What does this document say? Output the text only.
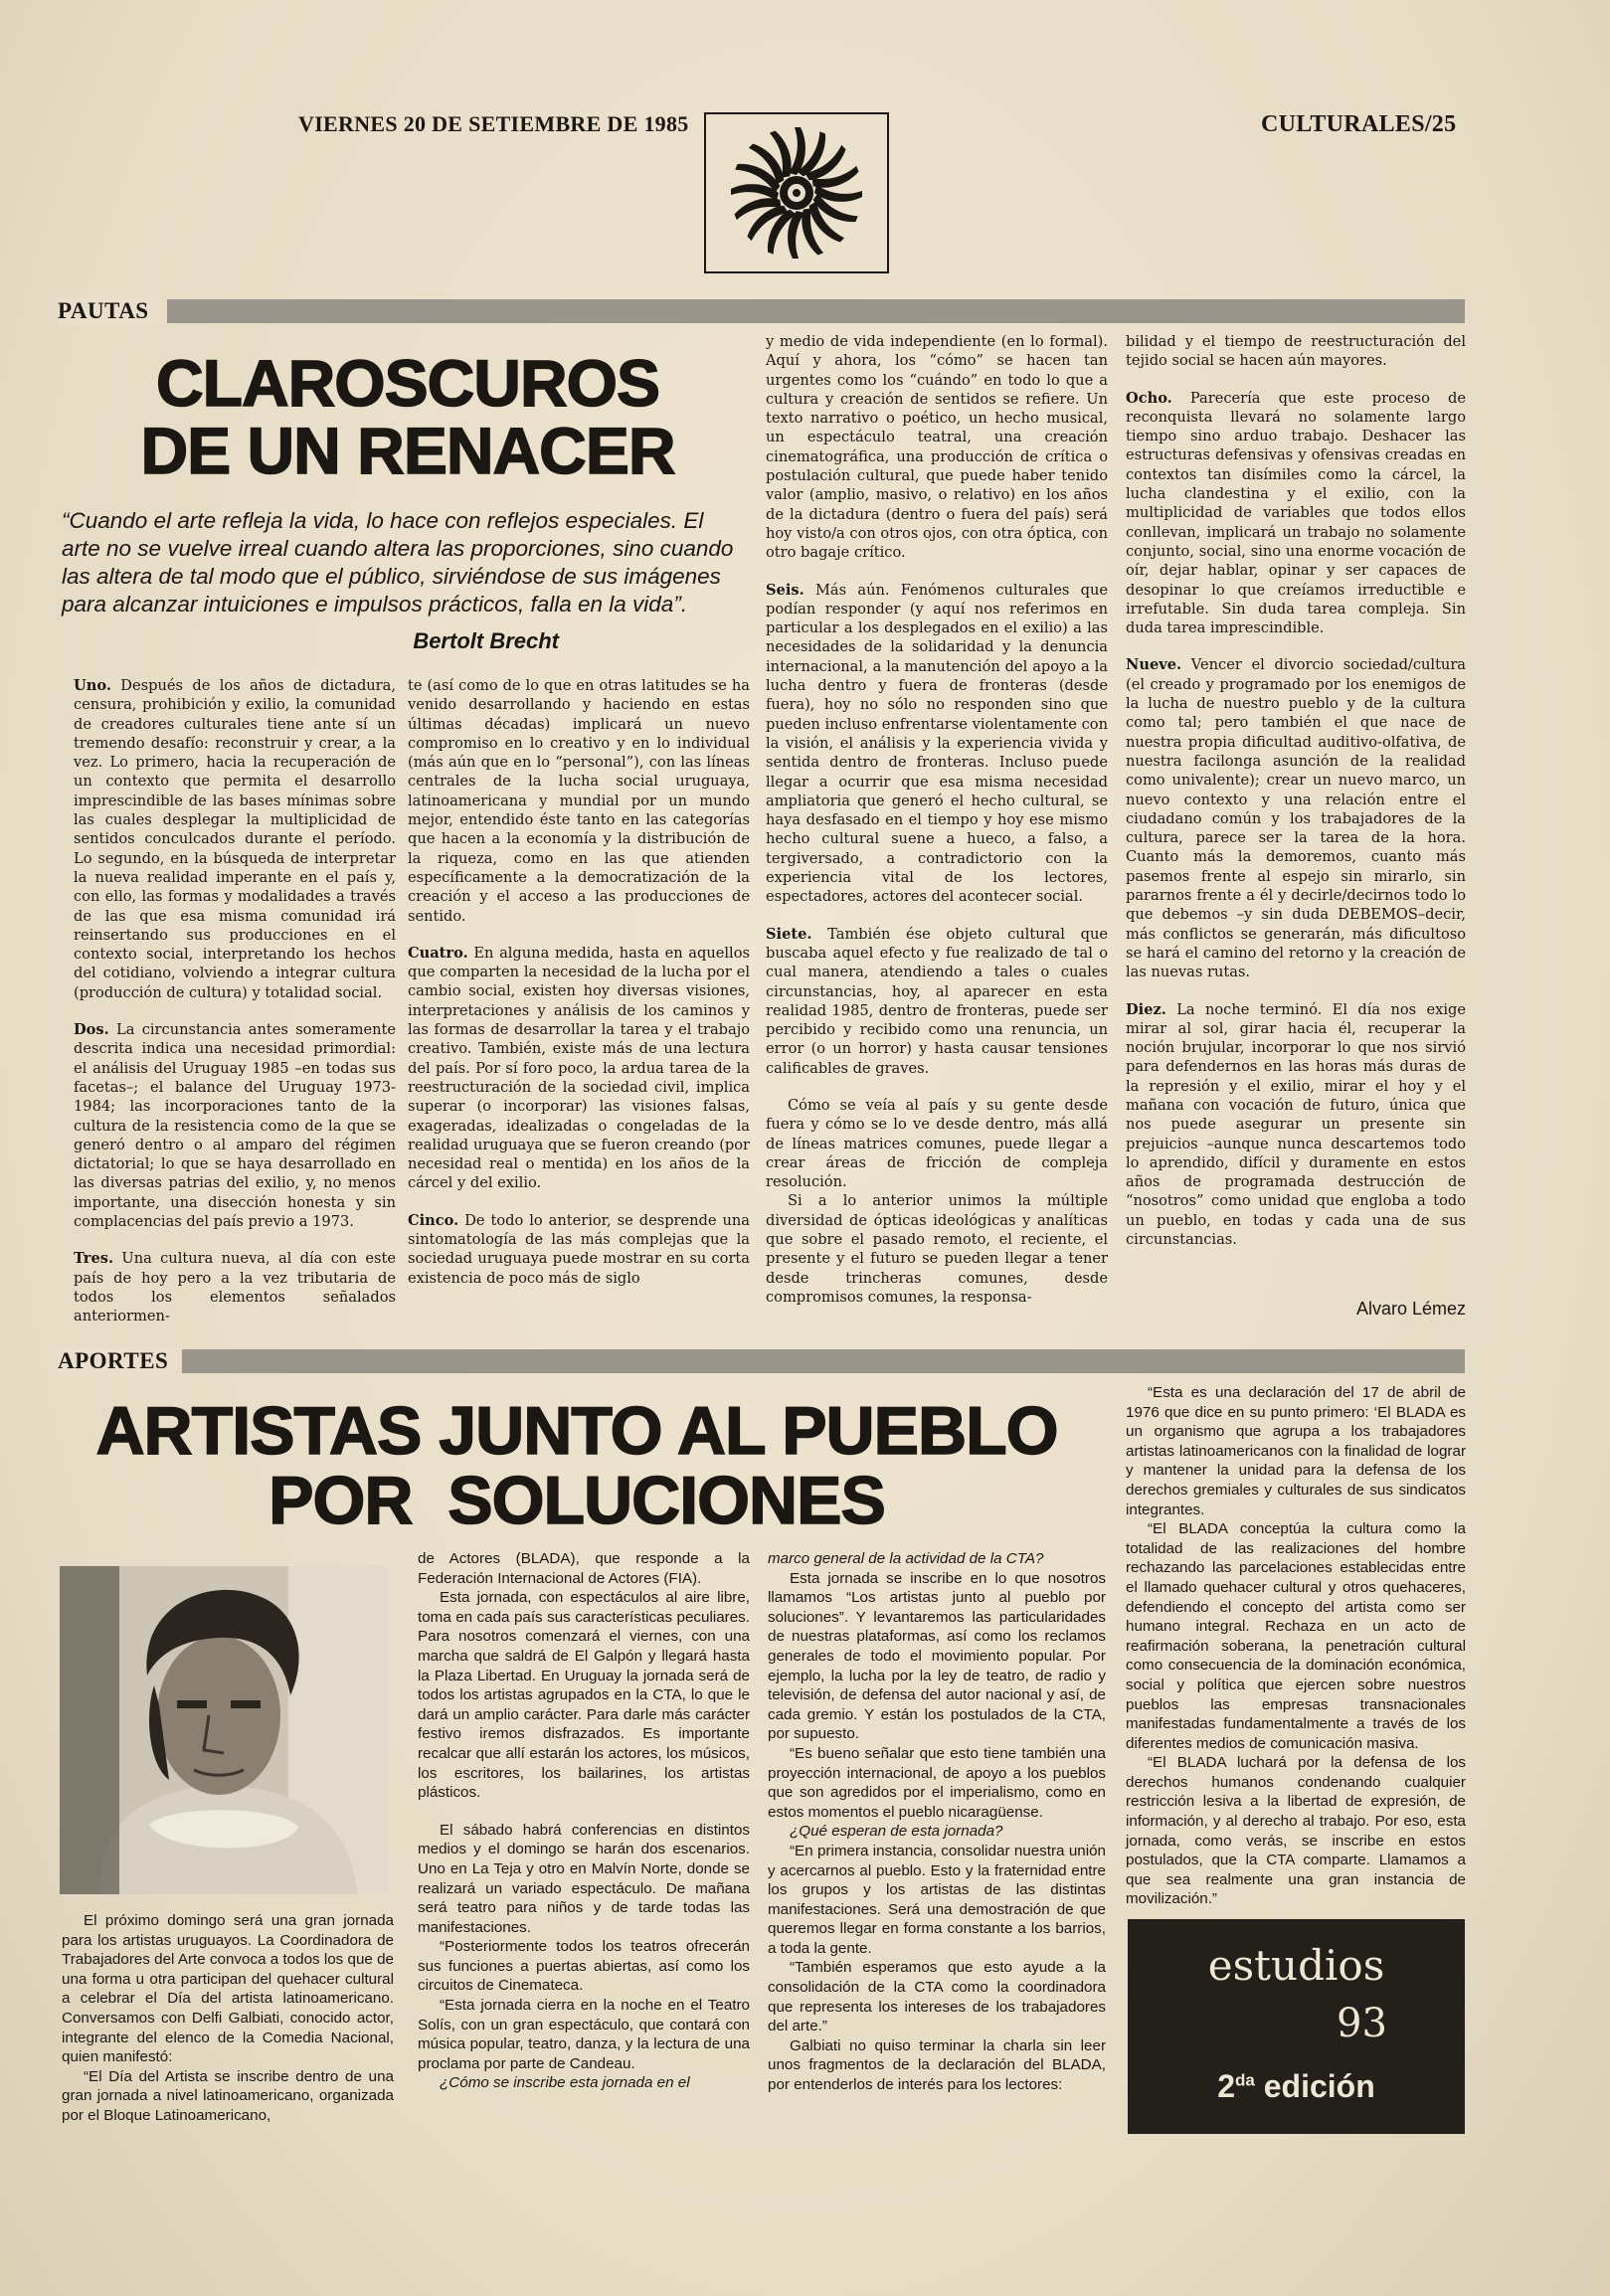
VIERNES 20 DE SETIEMBRE DE 1985	CULTURALES/25
PAUTAS
CLAROSCUROS
DE UN RENACER

“Cuando el arte refleja la vida, lo hace con reflejos especiales. El arte no se vuelve irreal cuando altera las proporciones, sino cuando las altera de tal modo que el público, sirviéndose de sus imágenes para alcanzar intuiciones e impulsos prácticos, falla en la vida”.

Bertolt Brecht

Uno. Después de los años de dictadura, censura, prohibición y exilio, la comunidad de creadores culturales tiene ante sí un tremendo desafío: reconstruir y crear, a la vez. Lo primero, hacia la recuperación de un contexto que permita el desarrollo imprescindible de las bases mínimas sobre las cuales desplegar la multiplicidad de sentidos conculcados durante el período. Lo segundo, en la búsqueda de interpretar la nueva realidad imperante en el país y, con ello, las formas y modalidades a través de las que esa misma comunidad irá reinsertando sus producciones en el contexto social, interpretando los hechos del cotidiano, volviendo a integrar cultura (producción de cultura) y totalidad social.

Dos. La circunstancia antes someramente descrita indica una necesidad primordial: el análisis del Uruguay 1985 –en todas sus facetas–; el balance del Uruguay 1973-1984; las incorporaciones tanto de la cultura de la resistencia como de la que se generó dentro o al amparo del régimen dictatorial; lo que se haya desarrollado en las diversas patrias del exilio, y, no menos importante, una disección honesta y sin complacencias del país previo a 1973.

Tres. Una cultura nueva, al día con este país de hoy pero a la vez tributaria de todos los elementos señalados anteriormen-

te (así como de lo que en otras latitudes se ha venido desarrollando y haciendo en estas últimas décadas) implicará un nuevo compromiso en lo creativo y en lo individual (más aún que en lo “personal”), con las líneas centrales de la lucha social uruguaya, latinoamericana y mundial por un mundo mejor, entendido éste tanto en las categorías que hacen a la economía y la distribución de la riqueza, como en las que atienden específicamente a la democratización de la creación y el acceso a las producciones de sentido.

Cuatro. En alguna medida, hasta en aquellos que comparten la necesidad de la lucha por el cambio social, existen hoy diversas visiones, interpretaciones y análisis de los caminos y las formas de desarrollar la tarea y el trabajo creativo. También, existe más de una lectura del país. Por sí foro poco, la ardua tarea de la reestructuración de la sociedad civil, implica superar (o incorporar) las visiones falsas, exageradas, idealizadas o congeladas de la realidad uruguaya que se fueron creando (por necesidad real o mentida) en los años de la cárcel y del exilio.

Cinco. De todo lo anterior, se desprende una sintomatología de las más complejas que la sociedad uruguaya puede mostrar en su corta existencia de poco más de siglo

y medio de vida independiente (en lo formal). Aquí y ahora, los “cómo” se hacen tan urgentes como los “cuándo” en todo lo que a cultura y creación de sentidos se refiere. Un texto narrativo o poético, un hecho musical, un espectáculo teatral, una creación cinematográfica, una producción de crítica o postulación cultural, que puede haber tenido valor (amplio, masivo, o relativo) en los años de la dictadura (dentro o fuera del país) será hoy visto/a con otros ojos, con otra óptica, con otro bagaje crítico.

Seis. Más aún. Fenómenos culturales que podían responder (y aquí nos referimos en particular a los desplegados en el exilio) a las necesidades de la solidaridad y la denuncia internacional, a la manutención del apoyo a la lucha dentro y fuera de fronteras (desde fuera), hoy no sólo no responden sino que pueden incluso enfrentarse violentamente con la visión, el análisis y la experiencia vivida y sentida dentro de fronteras. Incluso puede llegar a ocurrir que esa misma necesidad ampliatoria que generó el hecho cultural, se haya desfasado en el tiempo y hoy ese mismo hecho cultural suene a hueco, a falso, a tergiversado, a contradictorio con la experiencia vital de los lectores, espectadores, actores del acontecer social.

Siete. También ése objeto cultural que buscaba aquel efecto y fue realizado de tal o cual manera, atendiendo a tales o cuales circunstancias, hoy, al aparecer en esta realidad 1985, dentro de fronteras, puede ser percibido y recibido como una renuncia, un error (o un horror) y hasta causar tensiones calificables de graves.

Cómo se veía al país y su gente desde fuera y cómo se lo ve desde dentro, más allá de líneas matrices comunes, puede llegar a crear áreas de fricción de compleja resolución.

Si a lo anterior unimos la múltiple diversidad de ópticas ideológicas y analíticas que sobre el pasado remoto, el reciente, el presente y el futuro se pueden llegar a tener desde trincheras comunes, desde compromisos comunes, la responsa-

bilidad y el tiempo de reestructuración del tejido social se hacen aún mayores.

Ocho. Parecería que este proceso de reconquista llevará no solamente largo tiempo sino arduo trabajo. Deshacer las estructuras defensivas y ofensivas creadas en contextos tan disímiles como la cárcel, la lucha clandestina y el exilio, con la multiplicidad de variables que todos ellos conllevan, implicará un trabajo no solamente conjunto, social, sino una enorme vocación de oír, dejar hablar, opinar y ser capaces de desopinar lo que creíamos irreductible e irrefutable. Sin duda tarea compleja. Sin duda tarea imprescindible.

Nueve. Vencer el divorcio sociedad/cultura (el creado y programado por los enemigos de la lucha de nuestro pueblo y de la cultura como tal; pero también el que nace de nuestra propia dificultad auditivo-olfativa, de nuestra facilonga asunción de la realidad como univalente); crear un nuevo marco, un nuevo contexto y una relación entre el ciudadano común y los trabajadores de la cultura, parece ser la tarea de la hora. Cuanto más la demoremos, cuanto más pasemos frente al espejo sin mirarlo, sin pararnos frente a él y decirle/decirnos todo lo que debemos –y sin duda DEBEMOS–decir, más conflictos se generarán, más dificultoso se hará el camino del retorno y la creación de las nuevas rutas.

Diez. La noche terminó. El día nos exige mirar al sol, girar hacia él, recuperar la noción brujular, incorporar lo que nos sirvió para defendernos en las horas más duras de la represión y el exilio, mirar el hoy y el mañana con vocación de futuro, única que nos puede asegurar un presente sin prejuicios –aunque nunca descartemos todo lo aprendido, difícil y duramente en estos años de programada destrucción de “nosotros” como unidad que engloba a todo un pueblo, en todas y cada una de sus circunstancias.

Alvaro Lémez
APORTES
ARTISTAS JUNTO AL PUEBLO
POR  SOLUCIONES

El próximo domingo será una gran jornada para los artistas uruguayos. La Coordinadora de Trabajadores del Arte convoca a todos los que de una forma u otra participan del quehacer cultural a celebrar el Día del artista latinoamericano. Conversamos con Delfi Galbiati, conocido actor, integrante del elenco de la Comedia Nacional, quien manifestó:

“El Día del Artista se inscribe dentro de una gran jornada a nivel latinoamericano, organizada por el Bloque Latinoamericano,

de Actores (BLADA), que responde a la Federación Internacional de Actores (FIA).

Esta jornada, con espectáculos al aire libre, toma en cada país sus características peculiares. Para nosotros comenzará el viernes, con una marcha que saldrá de El Galpón y llegará hasta la Plaza Libertad. En Uruguay la jornada será de todos los artistas agrupados en la CTA, lo que le dará un amplio carácter. Para darle más carácter festivo iremos disfrazados. Es importante recalcar que allí estarán los actores, los músicos, los escritores, los bailarines, los artistas plásticos.

El sábado habrá conferencias en distintos medios y el domingo se harán dos escenarios. Uno en La Teja y otro en Malvín Norte, donde se realizará un variado espectáculo. De mañana será teatro para niños y de tarde todas las manifestaciones.

“Posteriormente todos los teatros ofrecerán sus funciones a puertas abiertas, así como los circuitos de Cinemateca.

“Esta jornada cierra en la noche en el Teatro Solís, con un gran espectáculo, que contará con música popular, teatro, danza, y la lectura de una proclama por parte de Candeau.

¿Cómo se inscribe esta jornada en el

marco general de la actividad de la CTA?

Esta jornada se inscribe en lo que nosotros llamamos “Los artistas junto al pueblo por soluciones”. Y levantaremos las particularidades de nuestras plataformas, así como los reclamos generales de todo el movimiento popular. Por ejemplo, la lucha por la ley de teatro, de radio y televisión, de defensa del autor nacional y así, de cada gremio. Y están los postulados de la CTA, por supuesto.

“Es bueno señalar que esto tiene también una proyección internacional, de apoyo a los pueblos que son agredidos por el imperialismo, como en estos momentos el pueblo nicaragüense.

¿Qué esperan de esta jornada?

“En primera instancia, consolidar nuestra unión y acercarnos al pueblo. Esto y la fraternidad entre los grupos y los artistas de las distintas manifestaciones. Será una demostración de que queremos llegar en forma constante a los barrios, a toda la gente.

“También esperamos que esto ayude a la consolidación de la CTA como la coordinadora que representa los intereses de los trabajadores del arte.”

Galbiati no quiso terminar la charla sin leer unos fragmentos de la declaración del BLADA, por entenderlos de interés para los lectores:

“Esta es una declaración del 17 de abril de 1976 que dice en su punto primero: ‘El BLADA es un organismo que agrupa a los trabajadores artistas latinoamericanos con la finalidad de lograr y mantener la unidad para la defensa de los derechos gremiales y culturales de sus sindicatos integrantes.

“El BLADA conceptúa la cultura como la totalidad de las realizaciones del hombre rechazando las parcelaciones establecidas entre el llamado quehacer cultural y otros quehaceres, defendiendo el concepto del artista como ser humano integral. Rechaza en un acto de reafirmación soberana, la penetración cultural como consecuencia de la dominación económica, social y política que ejercen sobre nuestros pueblos las empresas transnacionales manifestadas fundamentalmente a través de los diferentes medios de comunicación masiva.

“El BLADA luchará por la defensa de los derechos humanos condenando cualquier restricción lesiva a la libertad de expresión, de información, y al derecho al trabajo. Por eso, esta jornada, como verás, se inscribe en estos postulados, que la CTA comparte. Llamamos a que sea realmente una gran instancia de movilización.”

estudios
93
$2^{da}$ edición
